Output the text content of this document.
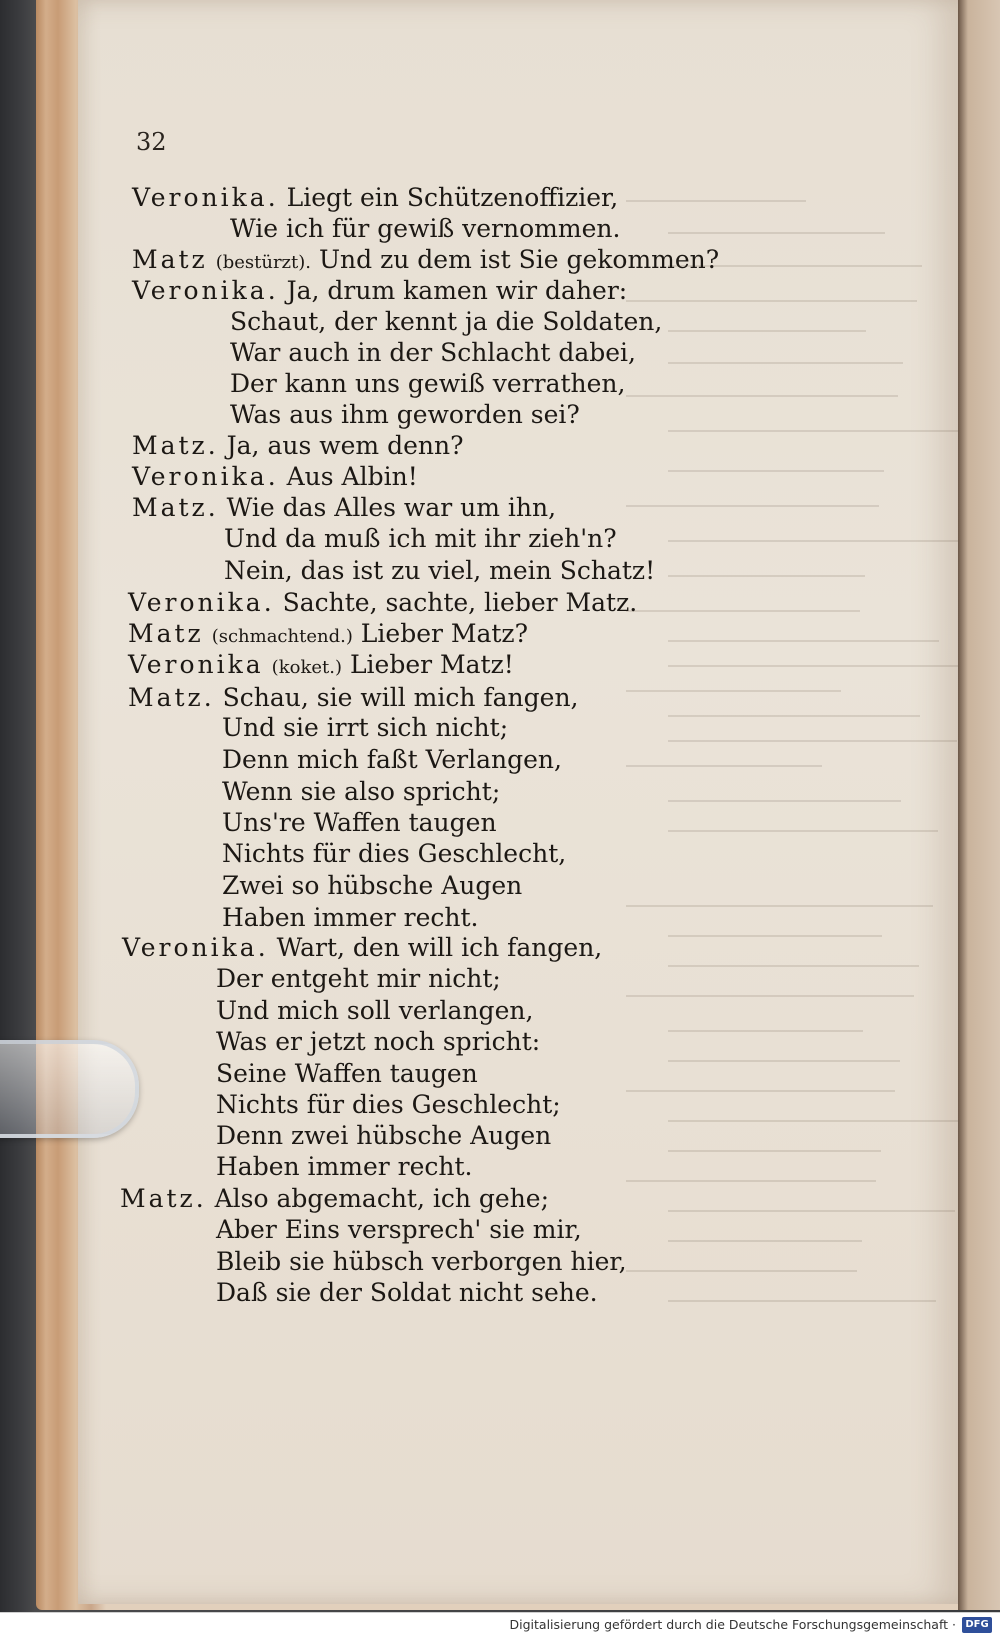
32
Veronika. Liegt ein Schützenoffizier,
Wie ich für gewiß vernommen.
Matz (bestürzt). Und zu dem ist Sie gekommen?
Veronika. Ja, drum kamen wir daher:
Schaut, der kennt ja die Soldaten,
War auch in der Schlacht dabei,
Der kann uns gewiß verrathen,
Was aus ihm geworden sei?
Matz. Ja, aus wem denn?
Veronika. Aus Albin!
Matz. Wie das Alles war um ihn,
Und da muß ich mit ihr zieh'n?
Nein, das ist zu viel, mein Schatz!
Veronika. Sachte, sachte, lieber Matz.
Matz (schmachtend.) Lieber Matz?
Veronika (koket.) Lieber Matz!
Matz. Schau, sie will mich fangen,
Und sie irrt sich nicht;
Denn mich faßt Verlangen,
Wenn sie also spricht;
Uns're Waffen taugen
Nichts für dies Geschlecht,
Zwei so hübsche Augen
Haben immer recht.
Veronika. Wart, den will ich fangen,
Der entgeht mir nicht;
Und mich soll verlangen,
Was er jetzt noch spricht:
Seine Waffen taugen
Nichts für dies Geschlecht;
Denn zwei hübsche Augen
Haben immer recht.
Matz. Also abgemacht, ich gehe;
Aber Eins versprech' sie mir,
Bleib sie hübsch verborgen hier,
Daß sie der Soldat nicht sehe.
Digitalisierung gefördert durch die Deutsche Forschungsgemeinschaft · DFG
